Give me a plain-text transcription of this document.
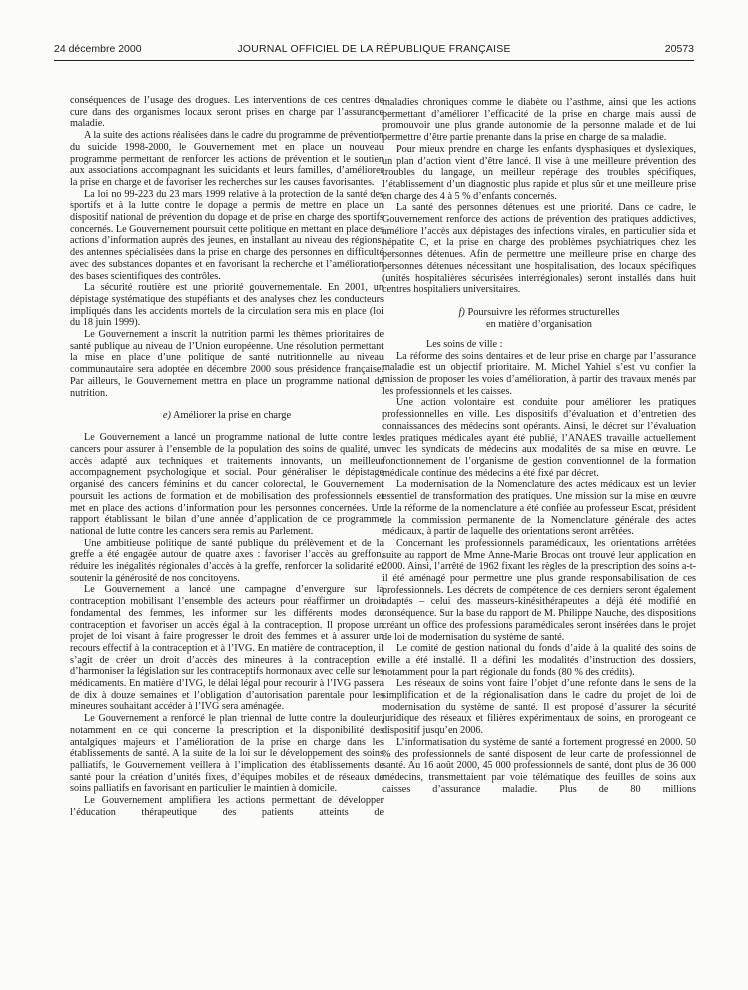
24 décembre 2000	JOURNAL OFFICIEL DE LA RÉPUBLIQUE FRANÇAISE	20573

conséquences de l’usage des drogues. Les interventions de ces centres de cure dans des organismes locaux seront prises en charge par l’assurance maladie.

A la suite des actions réalisées dans le cadre du programme de prévention du suicide 1998-2000, le Gouvernement met en place un nouveau programme permettant de renforcer les actions de prévention et le soutien aux associations accompagnant les suicidants et leurs familles, d’améliorer la prise en charge et de favoriser les recherches sur les causes favorisantes.

La loi no 99-223 du 23 mars 1999 relative à la protection de la santé des sportifs et à la lutte contre le dopage a permis de mettre en place un dispositif national de prévention du dopage et de prise en charge des sportifs concernés. Le Gouvernement poursuit cette politique en mettant en place des actions d’information auprès des jeunes, en installant au niveau des régions, des antennes spécialisées dans la prise en charge des personnes en difficulté avec des substances dopantes et en favorisant la recherche et l’amélioration des bases scientifiques des contrôles.

La sécurité routière est une priorité gouvernementale. En 2001, un dépistage systématique des stupéfiants et des analyses chez les conducteurs impliqués dans les accidents mortels de la circulation sera mis en place (loi du 18 juin 1999).

Le Gouvernement a inscrit la nutrition parmi les thèmes prioritaires de santé publique au niveau de l’Union européenne. Une résolution permettant la mise en place d’une politique de santé nutritionnelle au niveau communautaire sera adoptée en décembre 2000 sous présidence française. Par ailleurs, le Gouvernement mettra en place un programme national de nutrition.

e) Améliorer la prise en charge

Le Gouvernement a lancé un programme national de lutte contre les cancers pour assurer à l’ensemble de la population des soins de qualité, un accès adapté aux techniques et traitements innovants, un meilleur accompagnement psychologique et social. Pour généraliser le dépistage organisé des cancers féminins et du cancer colorectal, le Gouvernement poursuit les actions de formation et de mobilisation des professionnels et met en place des actions d’information pour les personnes concernées. Un rapport établissant le bilan d’une année d’application de ce programme national de lutte contre les cancers sera remis au Parlement.

Une ambitieuse politique de santé publique du prélèvement et de la greffe a été engagée autour de quatre axes : favoriser l’accès au greffon, réduire les inégalités régionales d’accès à la greffe, renforcer la solidarité et soutenir la générosité de nos concitoyens.

Le Gouvernement a lancé une campagne d’envergure sur la contraception mobilisant l’ensemble des acteurs pour réaffirmer un droit fondamental des femmes, les informer sur les différents modes de contraception et favoriser un accès égal à la contraception. Il propose un projet de loi visant à faire progresser le droit des femmes et à assurer un recours effectif à la contraception et à l’IVG. En matière de contraception, il s’agit de créer un droit d’accès des mineures à la contraception et d’harmoniser la législation sur les contraceptifs hormonaux avec celle sur les médicaments. En matière d’IVG, le délai légal pour recourir à l’IVG passera de dix à douze semaines et l’obligation d’autorisation parentale pour les mineures souhaitant accéder à l’IVG sera aménagée.

Le Gouvernement a renforcé le plan triennal de lutte contre la douleur, notamment en ce qui concerne la prescription et la disponibilité des antalgiques majeurs et l’amélioration de la prise en charge dans les établissements de santé. A la suite de la loi sur le développement des soins palliatifs, le Gouvernement veillera à l’implication des établissements de santé pour la création d’unités fixes, d’équipes mobiles et de réseaux de soins palliatifs en favorisant en particulier le maintien à domicile.

Le Gouvernement amplifiera les actions permettant de développer l’éducation thérapeutique des patients atteints de

maladies chroniques comme le diabète ou l’asthme, ainsi que les actions permettant d’améliorer l’efficacité de la prise en charge mais aussi de promouvoir une plus grande autonomie de la personne malade et de lui permettre d’être partie prenante dans la prise en charge de sa maladie.

Pour mieux prendre en charge les enfants dysphasiques et dyslexiques, un plan d’action vient d’être lancé. Il vise à une meilleure prévention des troubles du langage, un meilleur repérage des troubles spécifiques, l’établissement d’un diagnostic plus rapide et plus sûr et une meilleure prise en charge des 4 à 5 % d’enfants concernés.

La santé des personnes détenues est une priorité. Dans ce cadre, le Gouvernement renforce des actions de prévention des pratiques addictives, améliore l’accès aux dépistages des infections virales, en particulier sida et hépatite C, et la prise en charge des problèmes psychiatriques chez les personnes détenues. Afin de permettre une meilleure prise en charge des personnes détenues nécessitant une hospitalisation, des locaux spécifiques (unités hospitalières sécurisées interrégionales) seront installés dans huit centres hospitaliers universitaires.

f) Poursuivre les réformes structurelles
en matière d’organisation

Les soins de ville :

La réforme des soins dentaires et de leur prise en charge par l’assurance maladie est un objectif prioritaire. M. Michel Yahiel s’est vu confier la mission de proposer les voies d’amélioration, à partir des travaux menés par les professionnels et les caisses.

Une action volontaire est conduite pour améliorer les pratiques professionnelles en ville. Les dispositifs d’évaluation et d’entretien des connaissances des médecins sont opérants. Ainsi, le décret sur l’évaluation des pratiques médicales ayant été publié, l’ANAES travaille actuellement avec les syndicats de médecins aux modalités de sa mise en œuvre. Le fonctionnement de l’organisme de gestion conventionnel de la formation médicale continue des médecins a été fixé par décret.

La modernisation de la Nomenclature des actes médicaux est un levier essentiel de transformation des pratiques. Une mission sur la mise en œuvre de la réforme de la nomenclature a été confiée au professeur Escat, président de la commission permanente de la Nomenclature générale des actes médicaux, à partir de laquelle des orientations seront arrêtées.

Concernant les professionnels paramédicaux, les orientations arrêtées suite au rapport de Mme Anne-Marie Brocas ont trouvé leur application en 2000. Ainsi, l’arrêté de 1962 fixant les règles de la prescription des soins a-t-il été aménagé pour permettre une plus grande responsabilisation de ces professionnels. Les décrets de compétence de ces derniers seront également adaptés – celui des masseurs-kinésithérapeutes a déjà été modifié en conséquence. Sur la base du rapport de M. Philippe Nauche, des dispositions créant un office des professions paramédicales seront insérées dans le projet de loi de modernisation du système de santé.

Le comité de gestion national du fonds d’aide à la qualité des soins de ville a été installé. Il a défini les modalités d’instruction des dossiers, notamment pour la part régionale du fonds (80 % des crédits).

Les réseaux de soins vont faire l’objet d’une refonte dans le sens de la simplification et de la régionalisation dans le cadre du projet de loi de modernisation du système de santé. Il est proposé d’assurer la sécurité juridique des réseaux et filières expérimentaux de soins, en prorogeant ce dispositif jusqu’en 2006.

L’informatisation du système de santé a fortement progressé en 2000. 50 % des professionnels de santé disposent de leur carte de professionnel de santé. Au 16 août 2000, 45 000 professionnels de santé, dont plus de 36 000 médecins, transmettaient par voie télématique des feuilles de soins aux caisses d’assurance maladie. Plus de 80 millions
